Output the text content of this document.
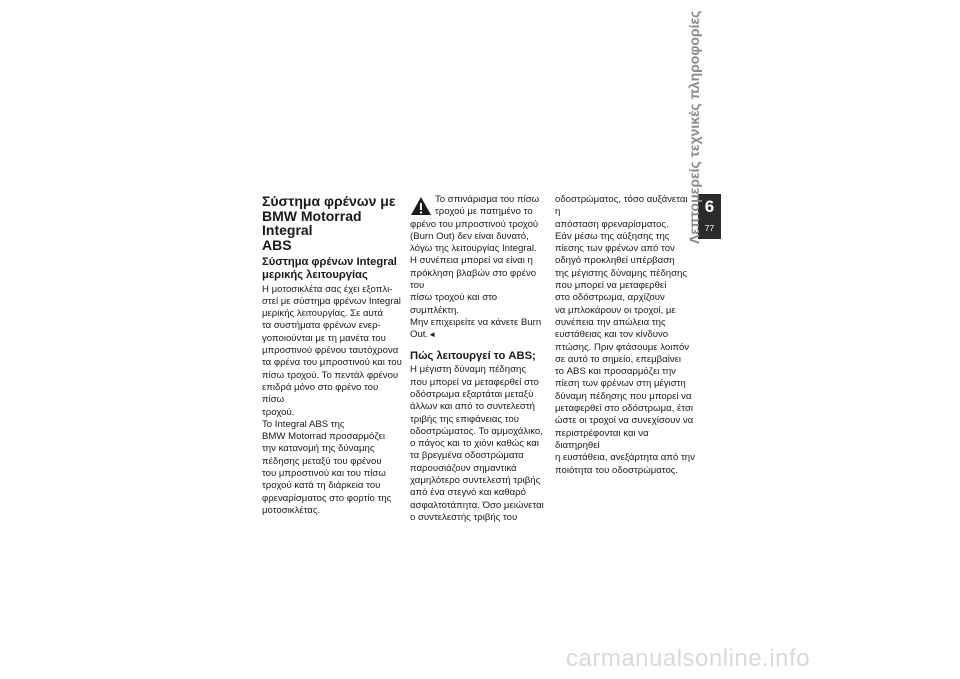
Σύστημα φρένων με
BMW Motorrad Integral
ABS
Σύστημα φρένων Integral
μερικής λειτουργίας

Η μοτοσικλέτα σας έχει εξοπλι-
στεί με σύστημα φρένων Integral
μερικής λειτουργίας. Σε αυτά
τα συστήματα φρένων ενερ-
γοποιούνται με τη μανέτα του
μπροστινού φρένου ταυτόχρονα
τα φρένα του μπροστινού και του
πίσω τροχού. Το πεντάλ φρένου
επιδρά μόνο στο φρένο του πίσω
τροχού.

Το Integral ABS της
BMW Motorrad προσαρμόζει
την κατανομή της δύναμης
πέδησης μεταξύ του φρένου
του μπροστινού και του πίσω
τροχού κατά τη διάρκεια του
φρεναρίσματος στο φορτίο της
μοτοσικλέτας.

Το σπινάρισμα του πίσω
τροχού με πατημένο το

φρένο του μπροστινού τροχού
(Burn Out) δεν είναι δυνατό,
λόγω της λειτουργίας Integral.
Η συνέπεια μπορεί να είναι η
πρόκληση βλαβών στο φρένο του
πίσω τροχού και στο συμπλέκτη.
Μην επιχειρείτε να κάνετε Burn
Out.◄

Πώς λειτουργεί το ABS;

Η μέγιστη δύναμη πέδησης
που μπορεί να μεταφερθεί στο
οδόστρωμα εξαρτάται μεταξύ
άλλων και από το συντελεστή
τριβής της επιφάνειας του
οδοστρώματος. Το αμμοχάλικο,
ο πάγος και το χιόνι καθώς και
τα βρεγμένα οδοστρώματα
παρουσιάζουν σημαντικά
χαμηλότερο συντελεστή τριβής
από ένα στεγνό και καθαρό
ασφαλτοτάπητα. Όσο μειώνεται
ο συντελεστής τριβής του

οδοστρώματος, τόσο αυξάνεται η
απόσταση φρεναρίσματος.

Εάν μέσω της αύξησης της
πίεσης των φρένων από τον
οδηγό προκληθεί υπέρβαση
της μέγιστης δύναμης πέδησης
που μπορεί να μεταφερθεί
στο οδόστρωμα, αρχίζουν
να μπλοκάρουν οι τροχοί, με
συνέπεια την απώλεια της
ευστάθειας και τον κίνδυνο
πτώσης. Πριν φτάσουμε λοιπόν
σε αυτό το σημείο, επεμβαίνει
το ABS και προσαρμόζει την
πίεση των φρένων στη μέγιστη
δύναμη πέδησης που μπορεί να
μεταφερθεί στο οδόστρωμα, έτσι
ώστε οι τροχοί να συνεχίσουν να
περιστρέφονται και να διατηρηθεί
η ευστάθεια, ανεξάρτητα από την
ποιότητα του οδοστρώματος.

6
77
Λεπτομερείς τεχνικές πληροφορίες
carmanualsonline.info
